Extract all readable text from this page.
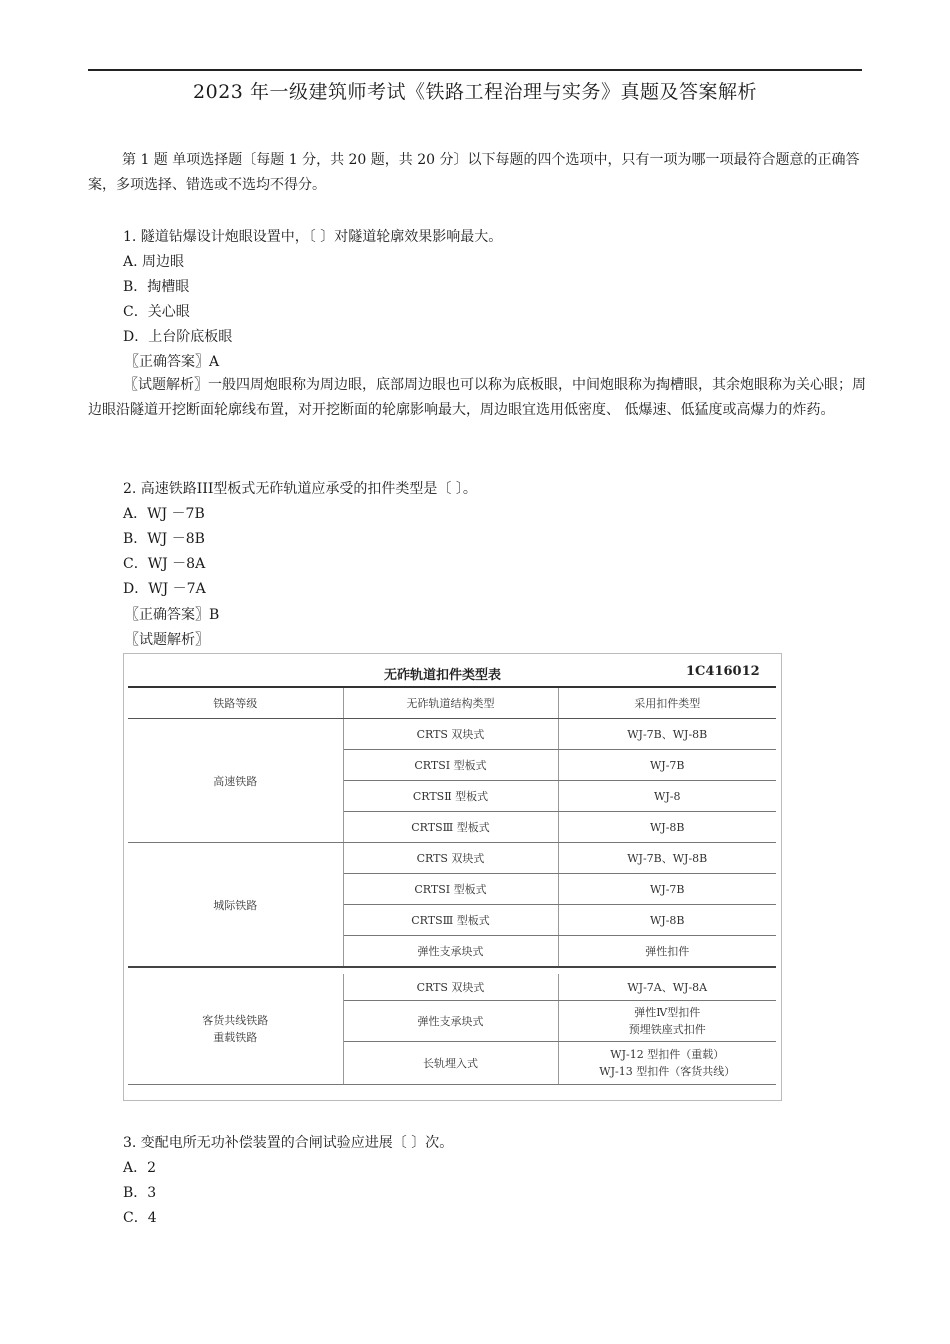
2023 年一级建筑师考试《铁路工程治理与实务》真题及答案解析
第 1 题 单项选择题〔每题 1 分，共 20 题，共 20 分〕以下每题的四个选项中，只有一项为哪一项最符合题意的正确答案，多项选择、错选或不选均不得分。
1. 隧道钻爆设计炮眼设置中，〔 〕对隧道轮廓效果影响最大。
A. 周边眼
B．掏槽眼
C．关心眼
D．上台阶底板眼
〖正确答案〗A
〖试题解析〗一般四周炮眼称为周边眼，底部周边眼也可以称为底板眼，中间炮眼称为掏槽眼，其余炮眼称为关心眼；周边眼沿隧道开挖断面轮廓线布置，对开挖断面的轮廓影响最大，周边眼宜选用低密度、 低爆速、低猛度或高爆力的炸药。
2. 高速铁路III型板式无砟轨道应承受的扣件类型是〔 〕。
A．WJ －7B
B．WJ －8B
C．WJ －8A
D．WJ －7A
〖正确答案〗B
〖试题解析〗
无砟轨道扣件类型表	1C416012
铁路等级	无砟轨道结构类型	采用扣件类型
高速铁路	CRTS 双块式	WJ-7B、WJ-8B
	CRTSⅠ 型板式	WJ-7B
	CRTSⅡ 型板式	WJ-8
	CRTSⅢ 型板式	WJ-8B
城际铁路	CRTS 双块式	WJ-7B、WJ-8B
	CRTSⅠ 型板式	WJ-7B
	CRTSⅢ 型板式	WJ-8B
	弹性支承块式	弹性扣件

客货共线铁路
重载铁路	CRTS 双块式	WJ-7A、WJ-8A
	弹性支承块式	弹性Ⅳ型扣件
预埋铁座式扣件

	长轨埋入式	WJ-12 型扣件（重载）
WJ-13 型扣件（客货共线）
3. 变配电所无功补偿装置的合闸试验应进展〔 〕次。
A．2
B．3
C．4
